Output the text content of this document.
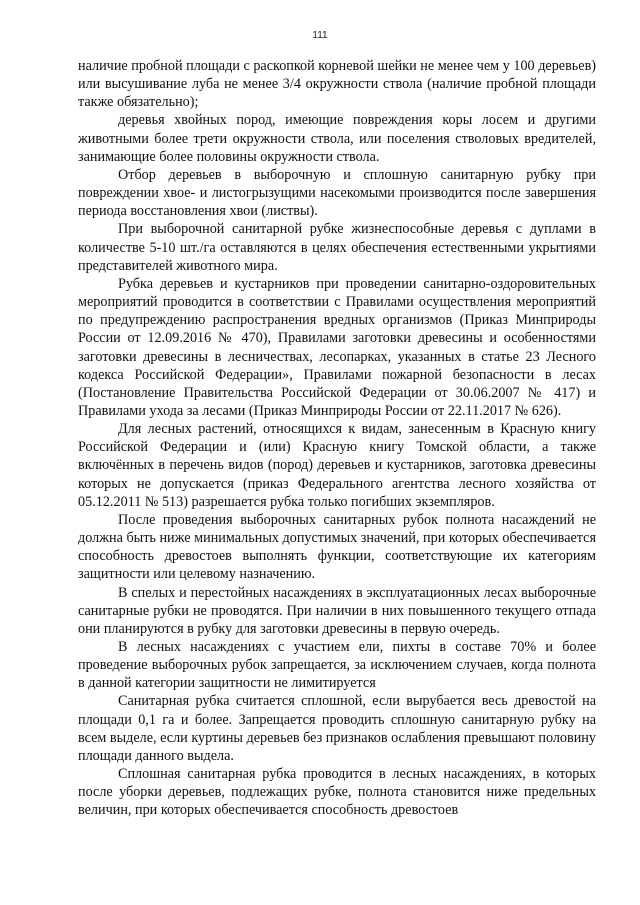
111

наличие пробной площади с раскопкой корневой шейки не менее чем у 100 деревьев) или высушивание луба не менее 3/4 окружности ствола (наличие пробной площади также обязательно);

деревья хвойных пород, имеющие повреждения коры лосем и другими животными более трети окружности ствола, или поселения стволовых вредителей, занимающие более половины окружности ствола.

Отбор деревьев в выборочную и сплошную санитарную рубку при повреждении хвое- и листогрызущими насекомыми производится после завершения периода восстановления хвои (листвы).

При выборочной санитарной рубке жизнеспособные деревья с дуплами в количестве 5-10 шт./га оставляются в целях обеспечения естественными укрытиями представителей животного мира.

Рубка деревьев и кустарников при проведении санитарно-оздоровительных мероприятий проводится в соответствии с Правилами осуществления мероприятий по предупреждению распространения вредных организмов (Приказ Минприроды России от 12.09.2016 № 470), Правилами заготовки древесины и особенностями заготовки древесины в лесничествах, лесопарках, указанных в статье 23 Лесного кодекса Российской Федерации», Правилами пожарной безопасности в лесах (Постановление Правительства Российской Федерации от 30.06.2007 № 417) и Правилами ухода за лесами (Приказ Минприроды России от 22.11.2017 № 626).

Для лесных растений, относящихся к видам, занесенным в Красную книгу Российской Федерации и (или) Красную книгу Томской области, а также включённых в перечень видов (пород) деревьев и кустарников, заготовка древесины которых не допускается (приказ Федерального агентства лесного хозяйства от 05.12.2011 № 513) разрешается рубка только погибших экземпляров.

После проведения выборочных санитарных рубок полнота насаждений не должна быть ниже минимальных допустимых значений, при которых обеспечивается способность древостоев выполнять функции, соответствующие их категориям защитности или целевому назначению.

В спелых и перестойных насаждениях в эксплуатационных лесах выборочные санитарные рубки не проводятся. При наличии в них повышенного текущего отпада они планируются в рубку для заготовки древесины в первую очередь.

В лесных насаждениях с участием ели, пихты в составе 70% и более проведение выборочных рубок запрещается, за исключением случаев, когда полнота в данной категории защитности не лимитируется

Санитарная рубка считается сплошной, если вырубается весь древостой на площади 0,1 га и более. Запрещается проводить сплошную санитарную рубку на всем выделе, если куртины деревьев без признаков ослабления превышают половину площади данного выдела.

Сплошная санитарная рубка проводится в лесных насаждениях, в которых после уборки деревьев, подлежащих рубке, полнота становится ниже предельных величин, при которых обеспечивается способность древостоев
